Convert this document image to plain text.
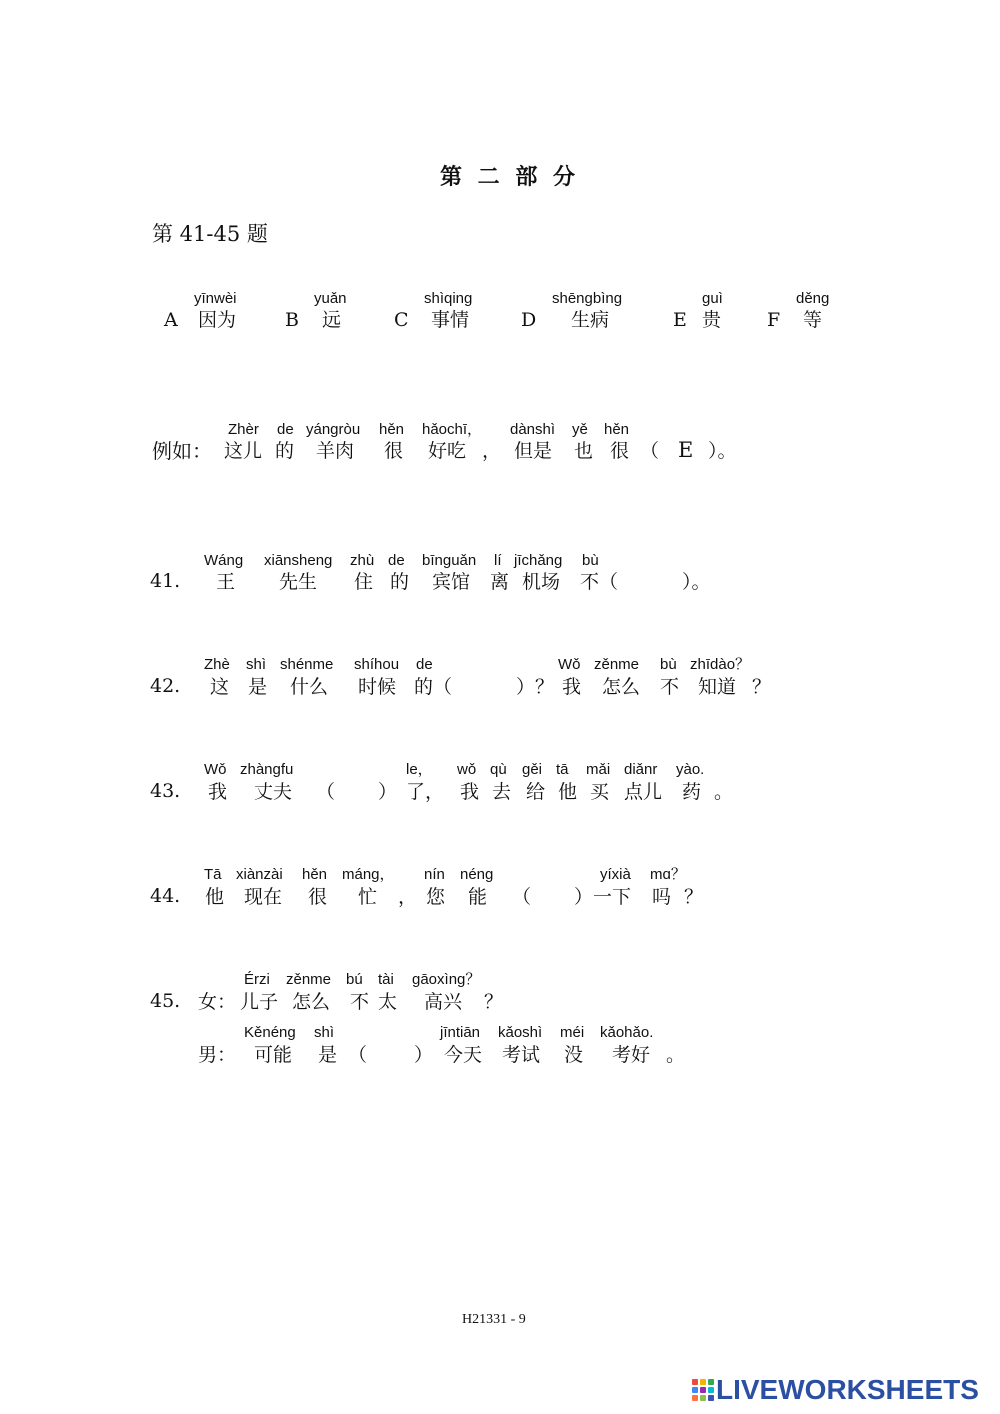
第 二 部 分
第 41-45 题
yīnwèi
A 因为
yuǎn
B 远
shìqing
C 事情
shēngbìng
D 生病
guì
E 贵
děng
F 等
例如：
Zhèr
这儿
de
的
yángròu
羊肉
hěn
很
hǎochī，
好吃 ，
dànshì
但是
yě
也
hěn
很 （ E ）。
41.
Wáng
王
xiānsheng
先生
zhù
住
de
的
bīnguǎn
宾馆
lí
离
jīchǎng
机场
bù
不（	）。
42.
Zhè
这
shì
是
shénme
什么
shíhou
时候
de
的（	）？
Wǒ
我
zěnme
怎么
bù
不
zhīdào？
知道 ？
43.
Wǒ
我
zhàngfu
丈夫 （ ）
le，
了，
wǒ
我
qù
去
gěi
给
tā
他
mǎi
买
diǎnr
点儿
yào.
药 。
44.
Tā
他
xiànzài
现在
hěn
很
máng，
忙 ，
nín
您
néng
能 （
yíxià
）一下
mɑ？
吗 ？
45. 女：
Érzi
儿子
zěnme
怎么
bú
不
tài
太
gāoxìng？
高兴 ？
男：
Kěnéng
可能
shì
是 （ ）
jīntiān
今天
kǎoshì
考试
méi
没
kǎohǎo.
考好 。
H21331 - 9
LIVEWORKSHEETS
